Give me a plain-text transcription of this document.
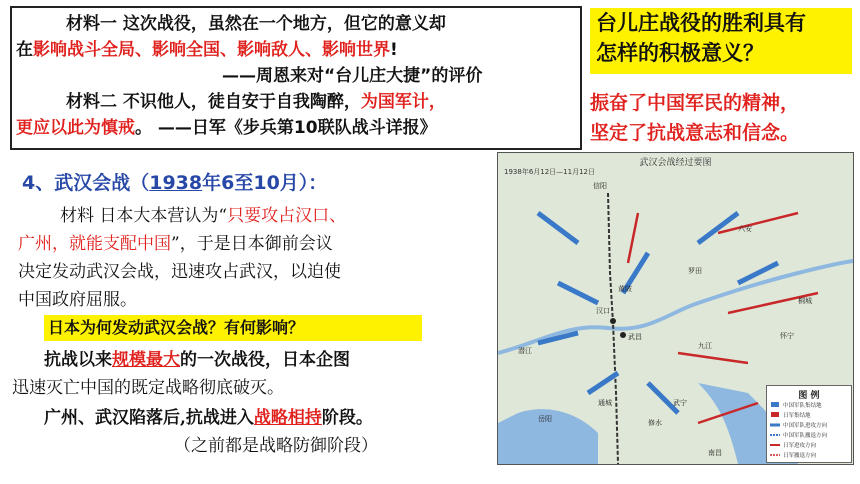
材料一 这次战役，虽然在一个地方，但它的意义却
在影响战斗全局、影响全国、影响敌人、影响世界!
——周恩来对“台儿庄大捷”的评价
材料二 不识他人，徒自安于自我陶醉，为国军计，
更应以此为慎戒。 ——日军《步兵第10联队战斗详报》
台儿庄战役的胜利具有
怎样的积极意义？
振奋了中国军民的精神，
坚定了抗战意志和信念。
4、武汉会战（1938年6至10月）：
材料 日本大本营认为“只要攻占汉口、
广州，就能支配中国”，于是日本御前会议
决定发动武汉会战，迅速攻占武汉，以迫使
中国政府屈服。
日本为何发动武汉会战？有何影响？
抗战以来规模最大的一次战役，日本企图
迅速灭亡中国的既定战略彻底破灭。
广州、武汉陷落后,抗战进入战略相持阶段。
（之前都是战略防御阶段）
武汉会战经过要图
1938年6月12日—11月12日
汉口
武昌
黄陂
九江
南昌
怀宁
六安
信阳
岳阳
通城
修水
武宁
潜江
罗田
桐城
图 例
中国军队集结地
日军集结地
中国军队进攻方向
中国军队撤退方向
日军进攻方向
日军撤退方向
